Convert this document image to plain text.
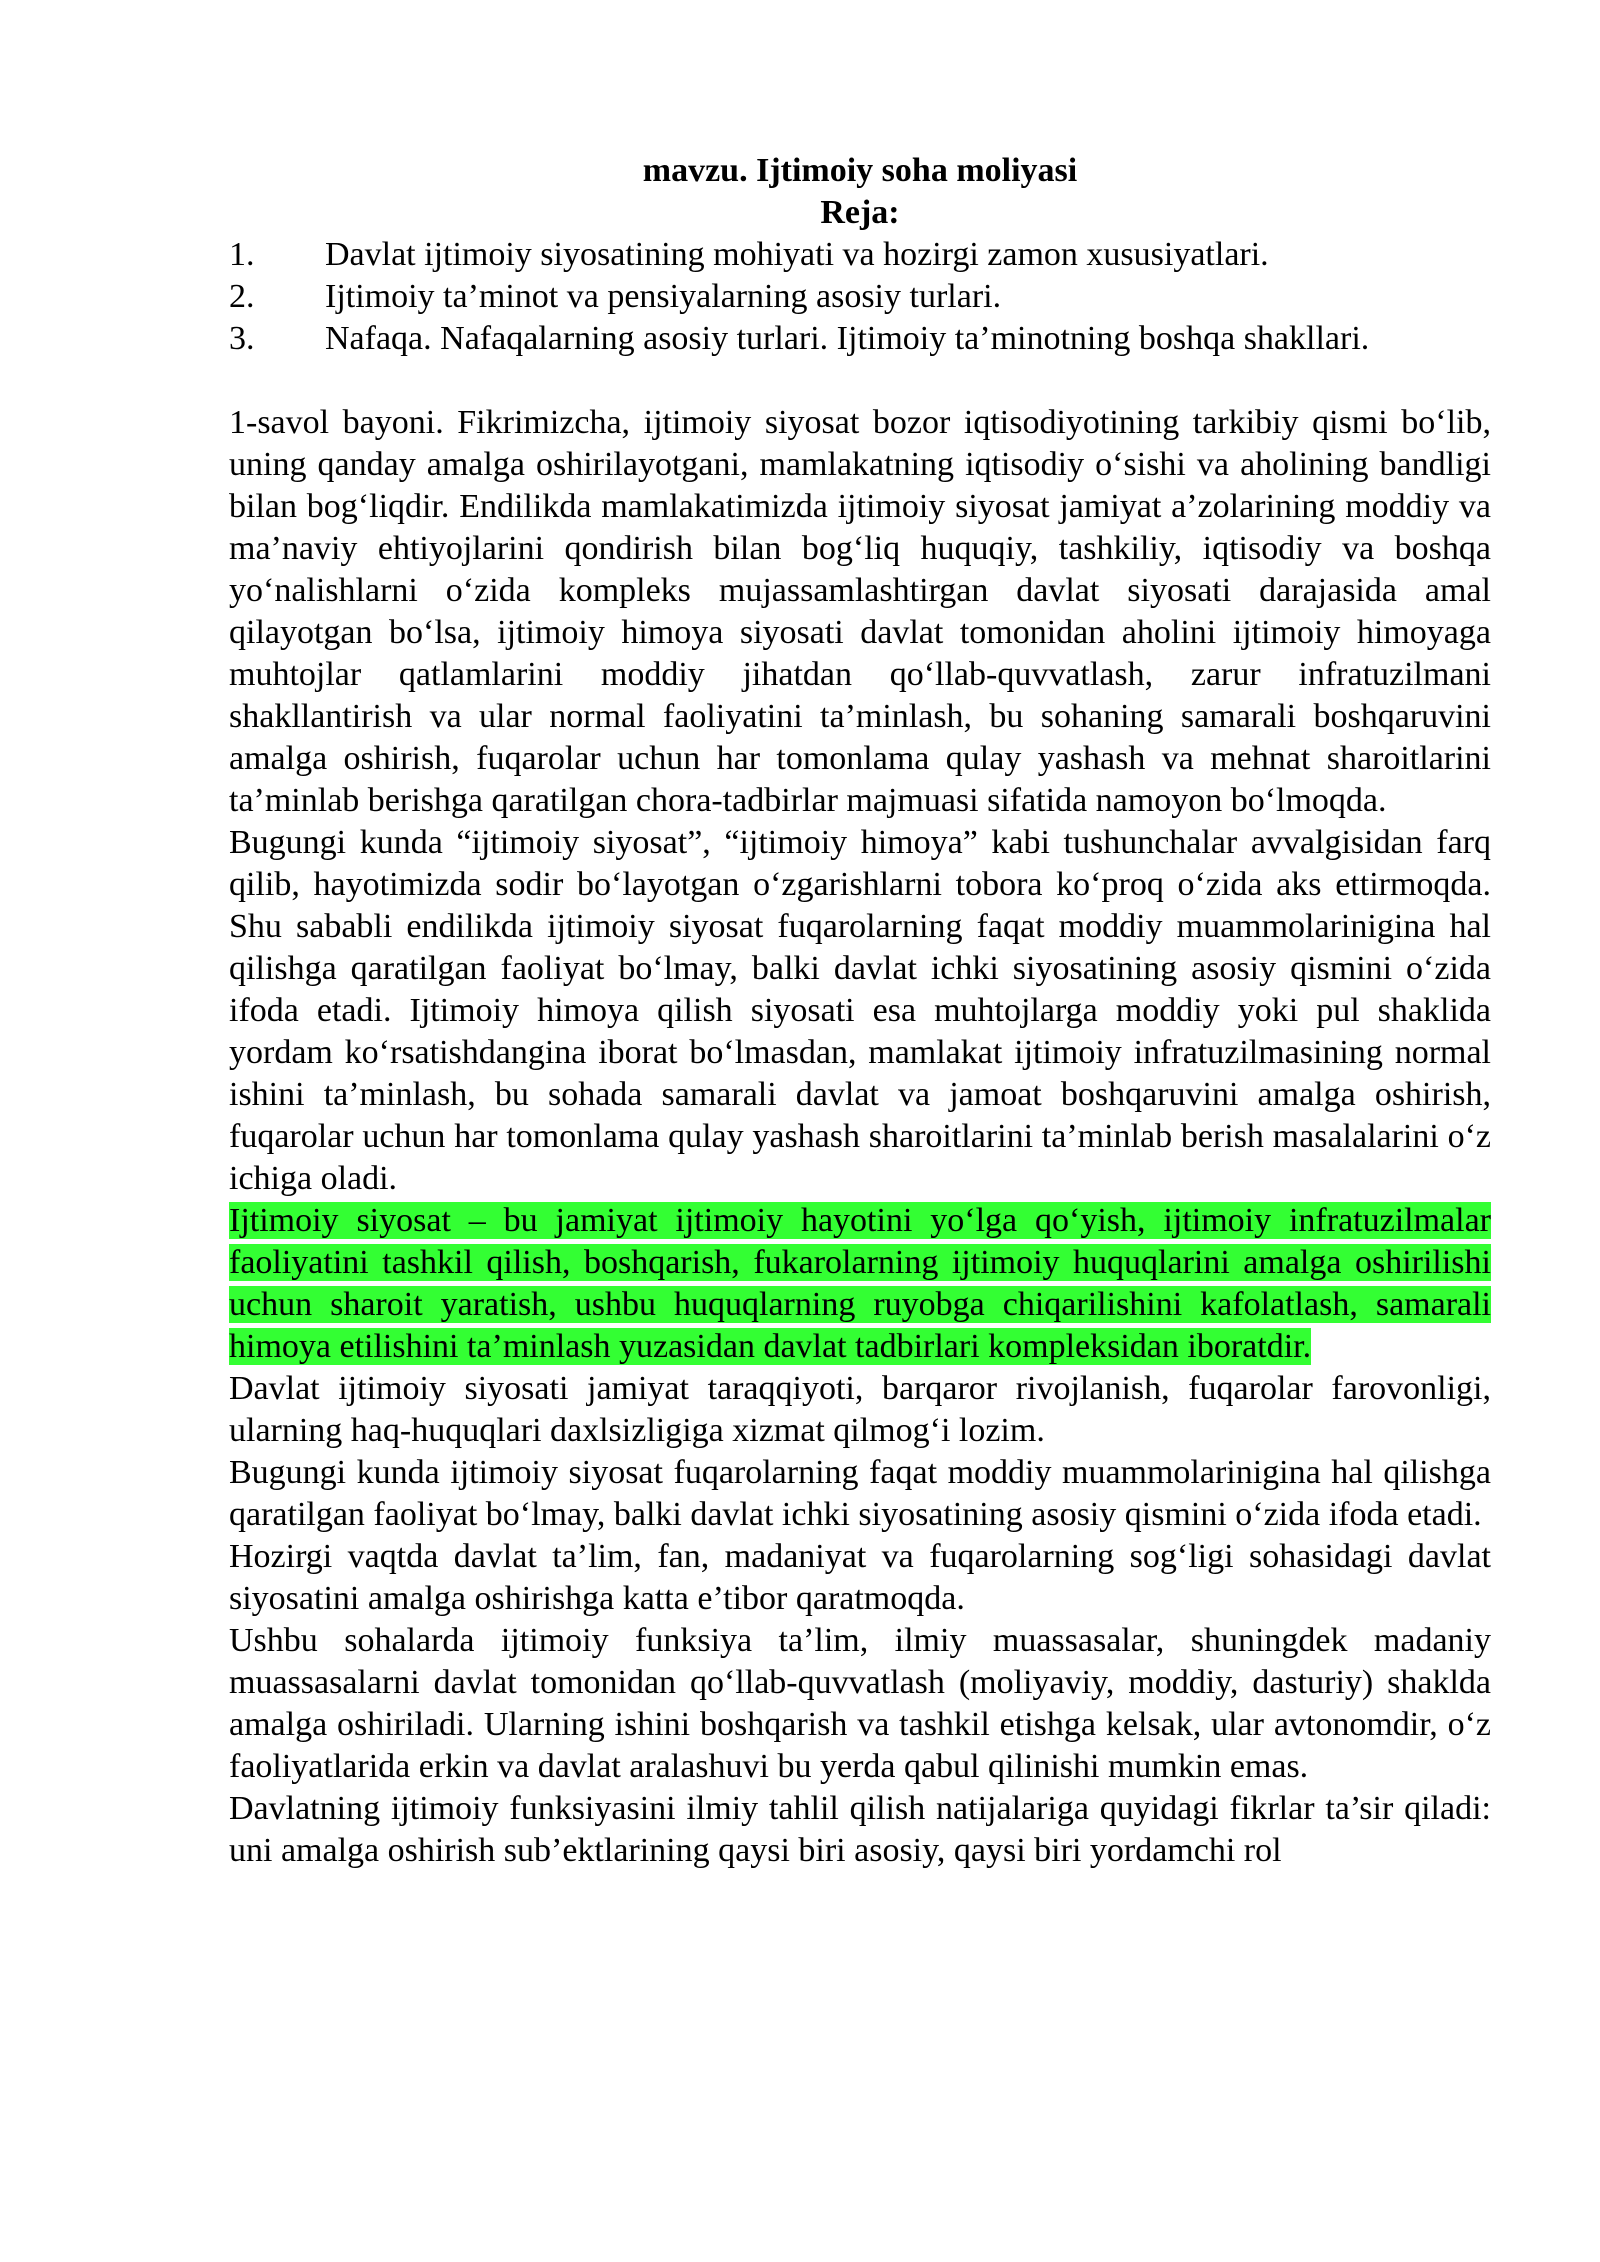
mavzu. Ijtimoiy soha moliyasi

Reja:

1.	Davlat ijtimoiy siyosatining mohiyati va hozirgi zamon xususiyatlari.
2.	Ijtimoiy ta’minot va pensiyalarning asosiy turlari.
3.	Nafaqa. Nafaqalarning asosiy turlari. Ijtimoiy ta’minotning boshqa shakllari.

1-savol bayoni. Fikrimizcha, ijtimoiy siyosat bozor iqtisodiyotining tarkibiy qismi bo‘lib, uning qanday amalga oshirilayotgani, mamlakatning iqtisodiy o‘sishi va aholining bandligi bilan bog‘liqdir. Endilikda mamlakatimizda ijtimoiy siyosat jamiyat a’zolarining moddiy va ma’naviy ehtiyojlarini qondirish bilan bog‘liq huquqiy, tashkiliy, iqtisodiy va boshqa yo‘nalishlarni o‘zida kompleks mujassamlashtirgan davlat siyosati darajasida amal qilayotgan bo‘lsa, ijtimoiy himoya siyosati davlat tomonidan aholini ijtimoiy himoyaga muhtojlar qatlamlarini moddiy jihatdan qo‘llab-quvvatlash, zarur infratuzilmani shakllantirish va ular normal faoliyatini ta’minlash, bu sohaning samarali boshqaruvini amalga oshirish, fuqarolar uchun har tomonlama qulay yashash va mehnat sharoitlarini ta’minlab berishga qaratilgan chora-tadbirlar majmuasi sifatida namoyon bo‘lmoqda.

Bugungi kunda “ijtimoiy siyosat”, “ijtimoiy himoya” kabi tushunchalar avvalgisidan farq qilib, hayotimizda sodir bo‘layotgan o‘zgarishlarni tobora ko‘proq o‘zida aks ettirmoqda. Shu sababli endilikda ijtimoiy siyosat fuqarolarning faqat moddiy muammolarinigina hal qilishga qaratilgan faoliyat bo‘lmay, balki davlat ichki siyosatining asosiy qismini o‘zida ifoda etadi. Ijtimoiy himoya qilish siyosati esa muhtojlarga moddiy yoki pul shaklida yordam ko‘rsatishdangina iborat bo‘lmasdan, mamlakat ijtimoiy infratuzilmasining normal ishini ta’minlash, bu sohada samarali davlat va jamoat boshqaruvini amalga oshirish, fuqarolar uchun har tomonlama qulay yashash sharoitlarini ta’minlab berish masalalarini o‘z ichiga oladi.

Ijtimoiy siyosat – bu jamiyat ijtimoiy hayotini yo‘lga qo‘yish, ijtimoiy infratuzilmalar faoliyatini tashkil qilish, boshqarish, fukarolarning ijtimoiy huquqlarini amalga oshirilishi uchun sharoit yaratish, ushbu huquqlarning ruyobga chiqarilishini kafolatlash, samarali himoya etilishini ta’minlash yuzasidan davlat tadbirlari kompleksidan iboratdir.

Davlat ijtimoiy siyosati jamiyat taraqqiyoti, barqaror rivojlanish, fuqarolar farovonligi, ularning haq-huquqlari daxlsizligiga xizmat qilmog‘i lozim.

Bugungi kunda ijtimoiy siyosat fuqarolarning faqat moddiy muammolarinigina hal qilishga qaratilgan faoliyat bo‘lmay, balki davlat ichki siyosatining asosiy qismini o‘zida ifoda etadi.

Hozirgi vaqtda davlat ta’lim, fan, madaniyat va fuqarolarning sog‘ligi sohasidagi davlat siyosatini amalga oshirishga katta e’tibor qaratmoqda.

Ushbu sohalarda ijtimoiy funksiya ta’lim, ilmiy muassasalar, shuningdek madaniy muassasalarni davlat tomonidan qo‘llab-quvvatlash (moliyaviy, moddiy, dasturiy) shaklda amalga oshiriladi. Ularning ishini boshqarish va tashkil etishga kelsak, ular avtonomdir, o‘z faoliyatlarida erkin va davlat aralashuvi bu yerda qabul qilinishi mumkin emas.

Davlatning ijtimoiy funksiyasini ilmiy tahlil qilish natijalariga quyidagi fikrlar ta’sir qiladi: uni amalga oshirish sub’ektlarining qaysi biri asosiy, qaysi biri yordamchi rol
